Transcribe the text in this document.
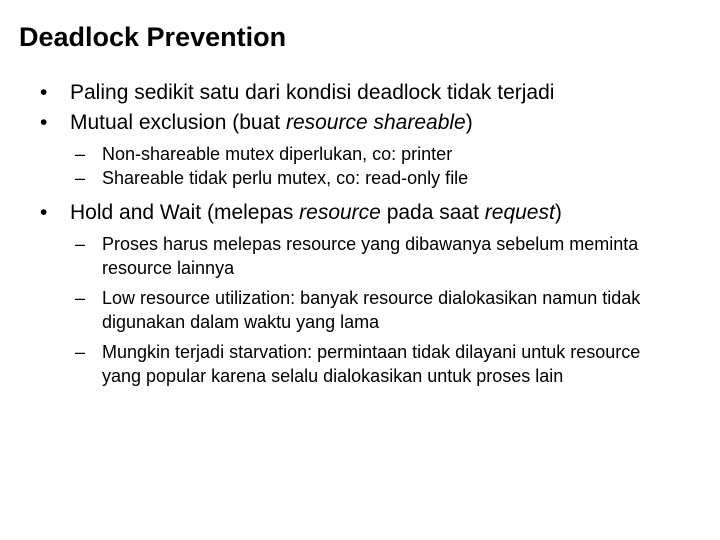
Deadlock Prevention
• Paling sedikit satu dari kondisi deadlock tidak terjadi
• Mutual exclusion (buat resource shareable)
– Non-shareable mutex diperlukan, co: printer
– Shareable tidak perlu mutex, co: read-only file
• Hold and Wait (melepas resource pada saat request)
– Proses harus melepas resource yang dibawanya sebelum meminta resource lainnya
– Low resource utilization: banyak resource dialokasikan namun tidak digunakan dalam waktu yang lama
– Mungkin terjadi starvation: permintaan tidak dilayani untuk resource yang popular karena selalu dialokasikan untuk proses lain
